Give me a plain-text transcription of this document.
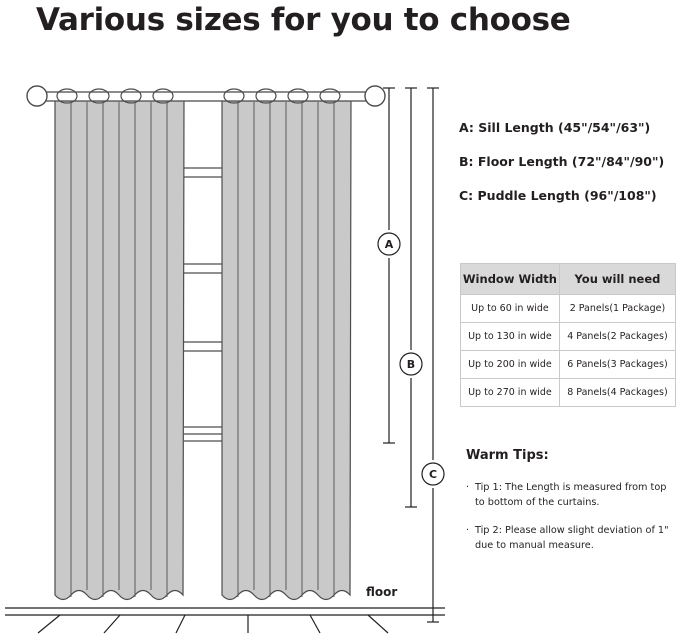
Various sizes for you to choose
A
B
C
floor
A: Sill Length (45"/54"/63")
B: Floor Length (72"/84"/90")
C: Puddle Length (96"/108")
Window Width	You will need
Up to 60 in wide	2 Panels(1 Package)
Up to 130 in wide	4 Panels(2 Packages)
Up to 200 in wide	6 Panels(3 Packages)
Up to 270 in wide	8 Panels(4 Packages)
Warm Tips:
· Tip 1: The Length is measured from top to bottom of the curtains.
· Tip 2: Please allow slight deviation of 1" due to manual measure.
